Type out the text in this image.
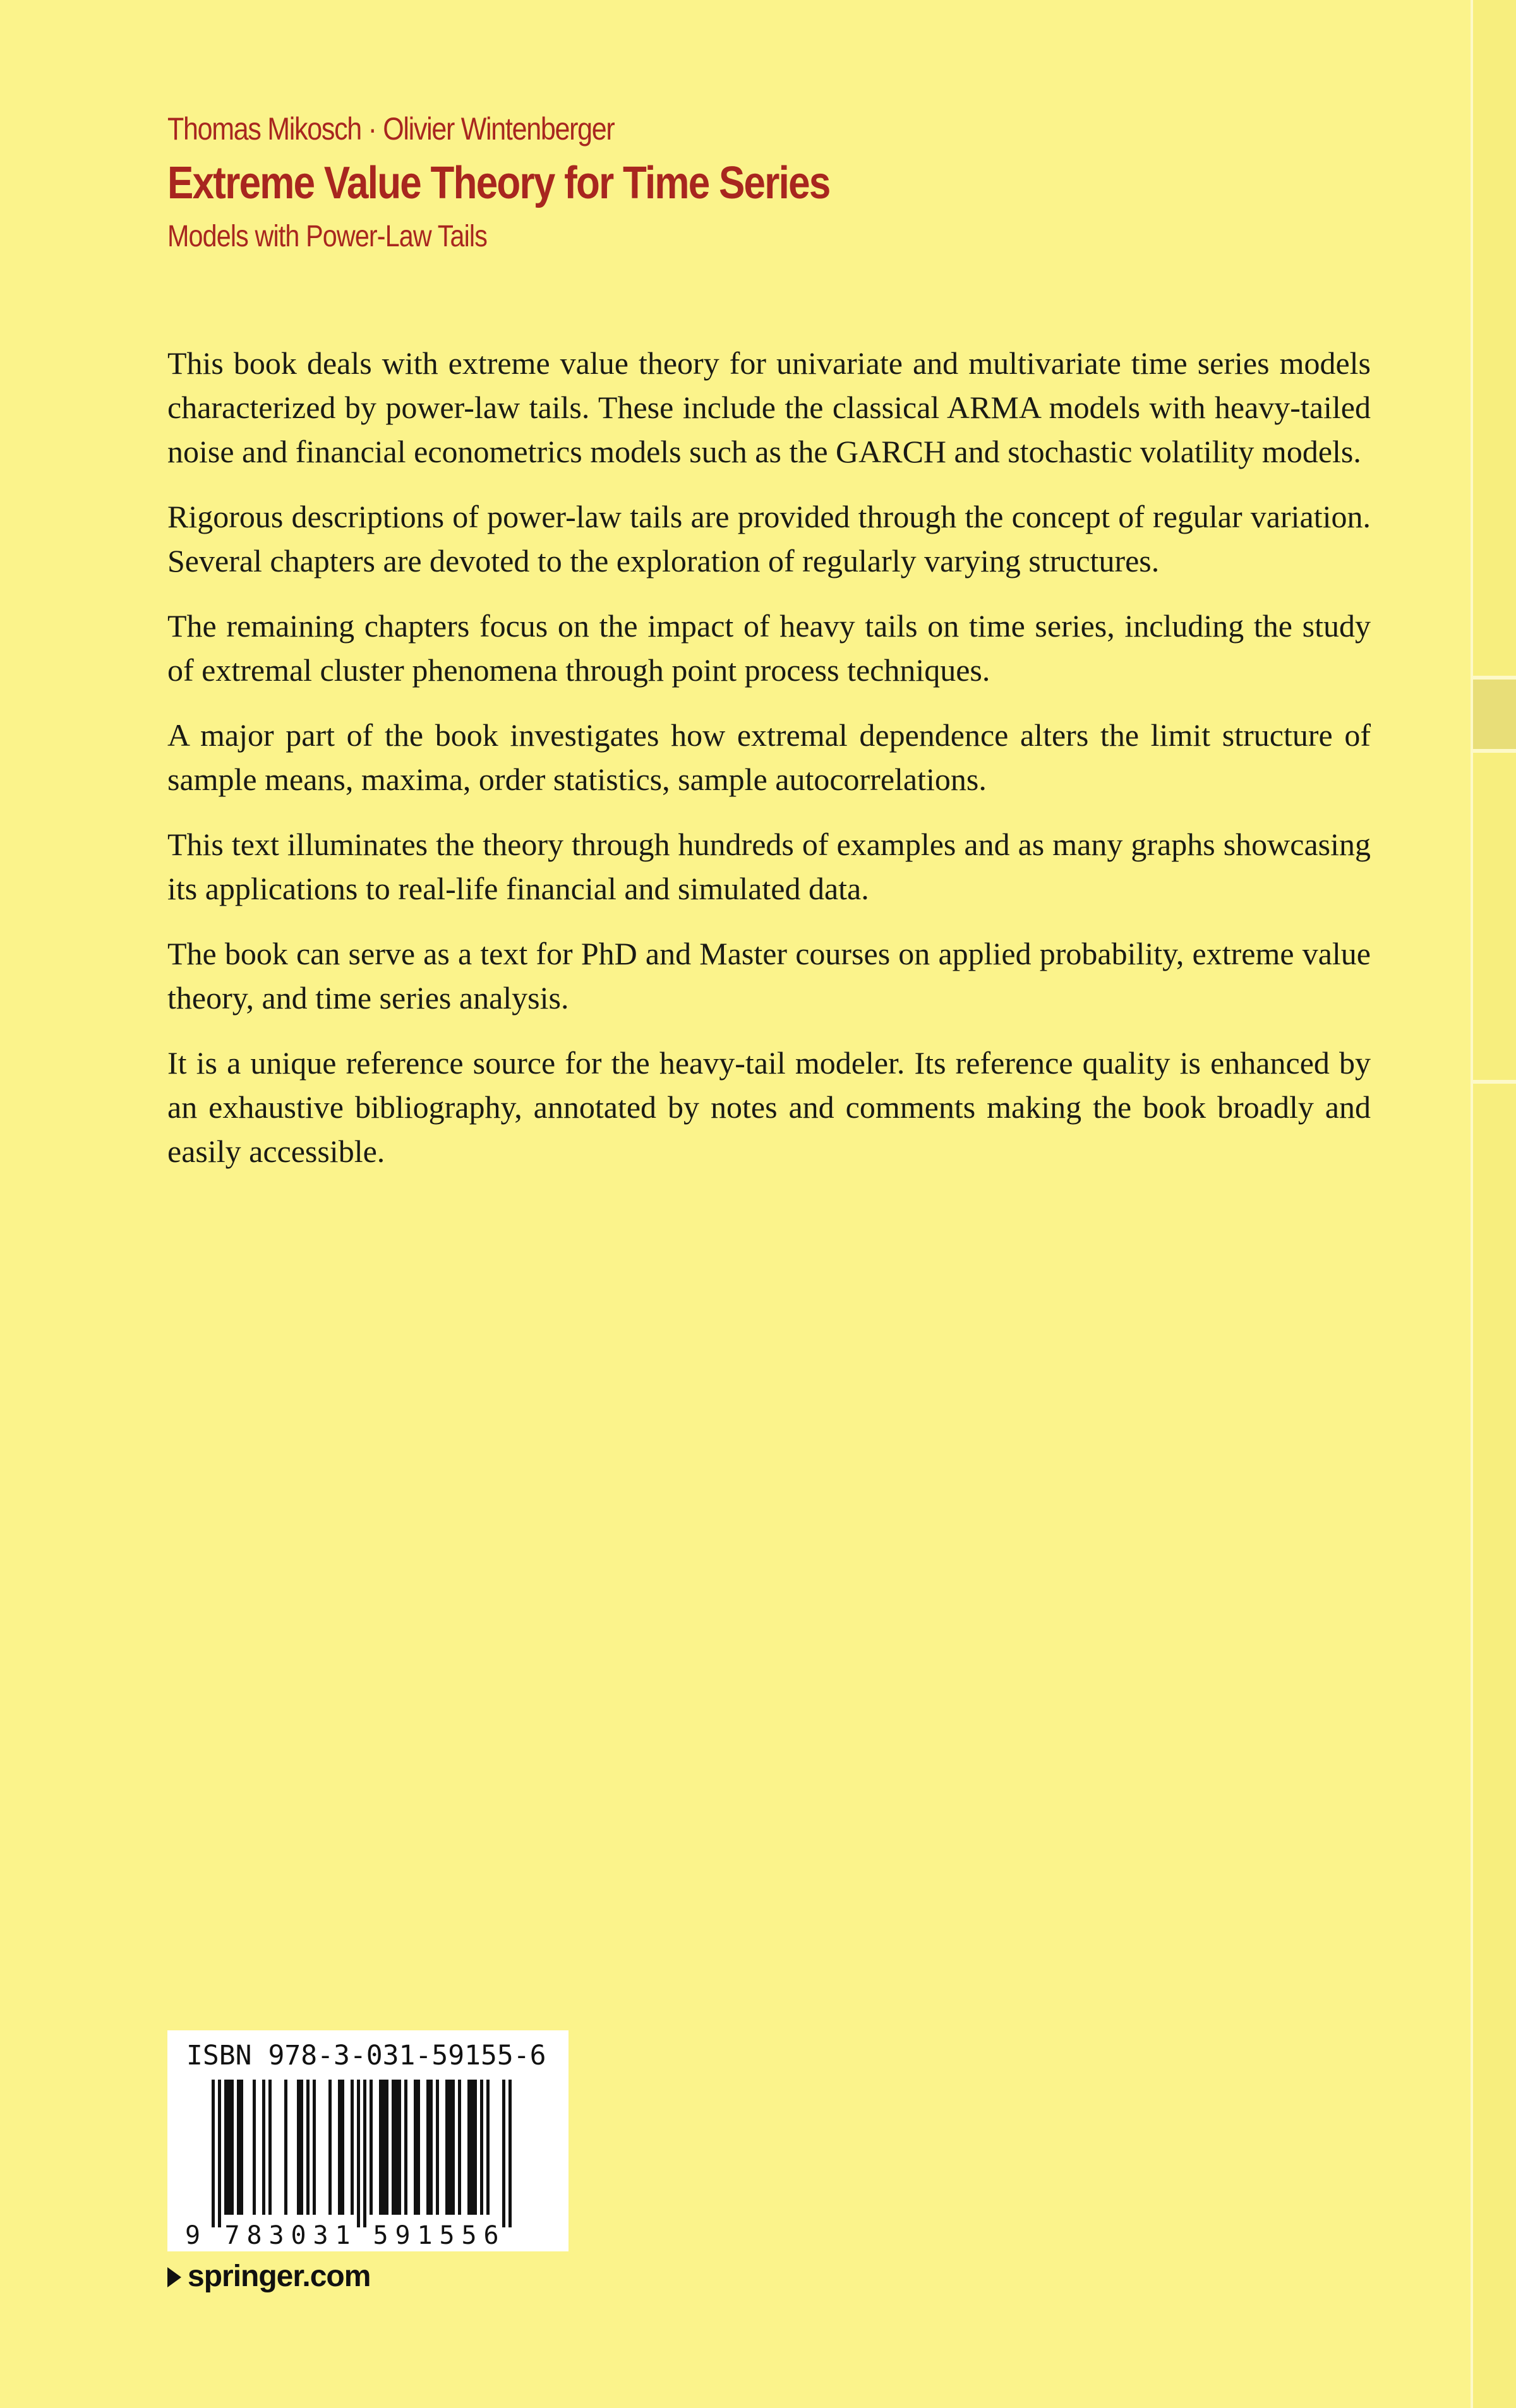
Thomas Mikosch · Olivier Wintenberger
Extreme Value Theory for Time Series
Models with Power-Law Tails

This book deals with extreme value theory for univariate and multivariate time series models characterized by power-law tails. These include the classical ARMA models with heavy-tailed noise and financial econometrics models such as the GARCH and stochastic volatility models.

Rigorous descriptions of power-law tails are provided through the concept of regular variation. Several chapters are devoted to the exploration of regularly varying structures.

The remaining chapters focus on the impact of heavy tails on time series, including the study of extremal cluster phenomena through point process techniques.

A major part of the book investigates how extremal dependence alters the limit structure of sample means, maxima, order statistics, sample autocorrelations.

This text illuminates the theory through hundreds of examples and as many graphs showcasing its applications to real-life financial and simulated data.

The book can serve as a text for PhD and Master courses on applied probability, extreme value theory, and time series analysis.

It is a unique reference source for the heavy-tail modeler. Its reference quality is enhanced by an exhaustive bibliography, annotated by notes and comments making the book broadly and easily accessible.

ISBN 978-3-031-59155-6
9 7 8 3 0 3 1 5 9 1 5 5 6
springer.com
